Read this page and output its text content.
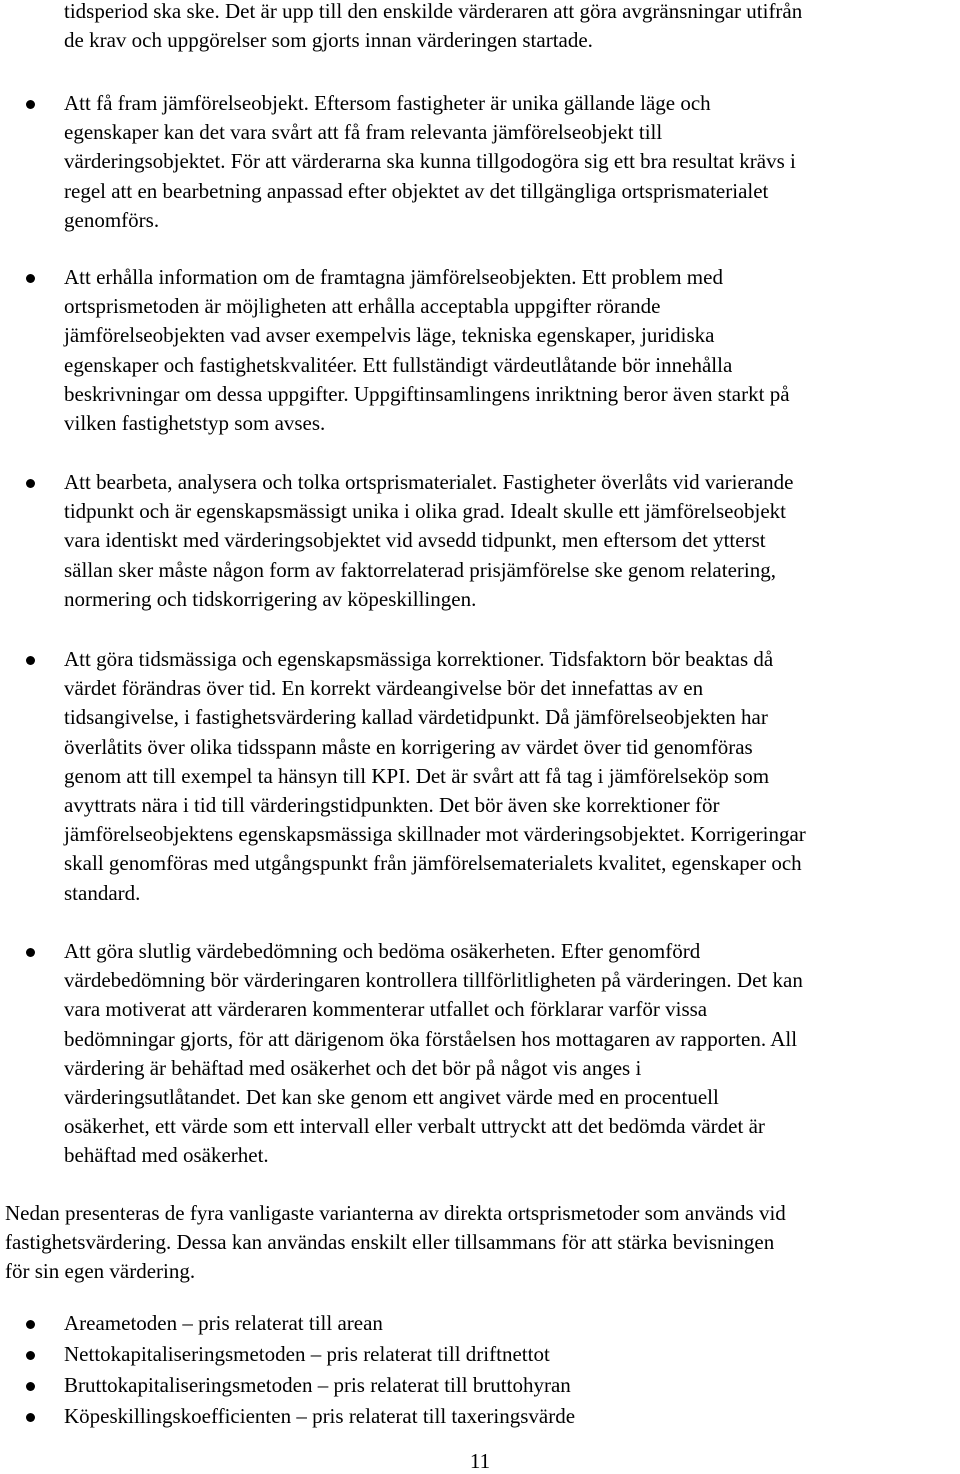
tidsperiod ska ske. Det är upp till den enskilde värderaren att göra avgränsningar utifrån
de krav och uppgörelser som gjorts innan värderingen startade.

Att få fram jämförelseobjekt. Eftersom fastigheter är unika gällande läge och
egenskaper kan det vara svårt att få fram relevanta jämförelseobjekt till
värderingsobjektet. För att värderarna ska kunna tillgodogöra sig ett bra resultat krävs i
regel att en bearbetning anpassad efter objektet av det tillgängliga ortsprismaterialet
genomförs.

Att erhålla information om de framtagna jämförelseobjekten. Ett problem med
ortsprismetoden är möjligheten att erhålla acceptabla uppgifter rörande
jämförelseobjekten vad avser exempelvis läge, tekniska egenskaper, juridiska
egenskaper och fastighetskvalitéer. Ett fullständigt värdeutlåtande bör innehålla
beskrivningar om dessa uppgifter. Uppgiftinsamlingens inriktning beror även starkt på
vilken fastighetstyp som avses.

Att bearbeta, analysera och tolka ortsprismaterialet. Fastigheter överlåts vid varierande
tidpunkt och är egenskapsmässigt unika i olika grad. Idealt skulle ett jämförelseobjekt
vara identiskt med värderingsobjektet vid avsedd tidpunkt, men eftersom det ytterst
sällan sker måste någon form av faktorrelaterad prisjämförelse ske genom relatering,
normering och tidskorrigering av köpeskillingen.

Att göra tidsmässiga och egenskapsmässiga korrektioner. Tidsfaktorn bör beaktas då
värdet förändras över tid. En korrekt värdeangivelse bör det innefattas av en
tidsangivelse, i fastighetsvärdering kallad värdetidpunkt. Då jämförelseobjekten har
överlåtits över olika tidsspann måste en korrigering av värdet över tid genomföras
genom att till exempel ta hänsyn till KPI. Det är svårt att få tag i jämförelseköp som
avyttrats nära i tid till värderingstidpunkten. Det bör även ske korrektioner för
jämförelseobjektens egenskapsmässiga skillnader mot värderingsobjektet. Korrigeringar
skall genomföras med utgångspunkt från jämförelsematerialets kvalitet, egenskaper och
standard.

Att göra slutlig värdebedömning och bedöma osäkerheten. Efter genomförd
värdebedömning bör värderingaren kontrollera tillförlitligheten på värderingen. Det kan
vara motiverat att värderaren kommenterar utfallet och förklarar varför vissa
bedömningar gjorts, för att därigenom öka förståelsen hos mottagaren av rapporten. All
värdering är behäftad med osäkerhet och det bör på något vis anges i
värderingsutlåtandet. Det kan ske genom ett angivet värde med en procentuell
osäkerhet, ett värde som ett intervall eller verbalt uttryckt att det bedömda värdet är
behäftad med osäkerhet.

Nedan presenteras de fyra vanligaste varianterna av direkta ortsprismetoder som används vid
fastighetsvärdering. Dessa kan användas enskilt eller tillsammans för att stärka bevisningen
för sin egen värdering.

Areametoden – pris relaterat till arean

Nettokapitaliseringsmetoden – pris relaterat till driftnettot

Bruttokapitaliseringsmetoden – pris relaterat till bruttohyran

Köpeskillingskoefficienten – pris relaterat till taxeringsvärde

11
